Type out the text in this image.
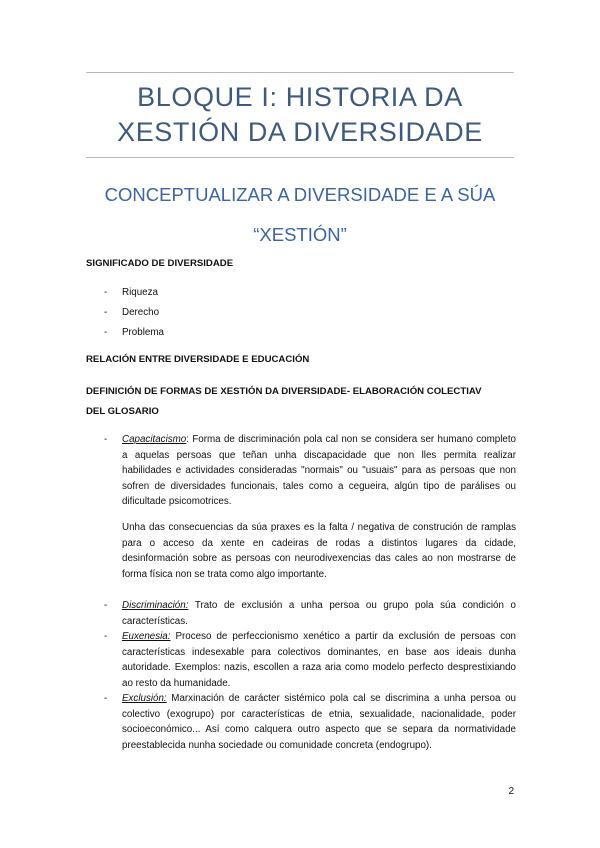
BLOQUE I: HISTORIA DA
XESTIÓN DA DIVERSIDADE
CONCEPTUALIZAR A DIVERSIDADE E A SÚA
“XESTIÓN”
SIGNIFICADO DE DIVERSIDADE
- Riqueza
- Derecho
- Problema
RELACIÓN ENTRE DIVERSIDADE E EDUCACIÓN
DEFINICIÓN DE FORMAS DE XESTIÓN DA DIVERSIDADE- ELABORACIÓN COLECTIAV
DEL GLOSARIO
- Capacitacismo: Forma de discriminación pola cal non se considera ser humano completo a aquelas persoas que teñan unha discapacidade que non lles permita realizar habilidades e actividades consideradas "normais" ou "usuais" para as persoas que non sofren de diversidades funcionais, tales como a cegueira, algún tipo de parálises ou dificultade psicomotrices.
Unha das consecuencias da súa praxes es la falta / negativa de construción de ramplas para o acceso da xente en cadeiras de rodas a distintos lugares da cidade, desinformación sobre as persoas con neurodivexencias das cales ao non mostrarse de forma física non se trata como algo importante.
- Discriminación: Trato de exclusión a unha persoa ou grupo pola súa condición o características.
- Euxenesia: Proceso de perfeccionismo xenético a partir da exclusión de persoas con características indesexable para colectivos dominantes, en base aos ideais dunha autoridade. Exemplos: nazis, escollen a raza aria como modelo perfecto desprestixiando ao resto da humanidade.
- Exclusión: Marxinación de carácter sistémico pola cal se discrimina a unha persoa ou colectivo (exogrupo) por características de etnia, sexualidade, nacionalidade, poder socioeconómico... Así como calquera outro aspecto que se separa da normatividade preestablecida nunha sociedade ou comunidade concreta (endogrupo).
2
